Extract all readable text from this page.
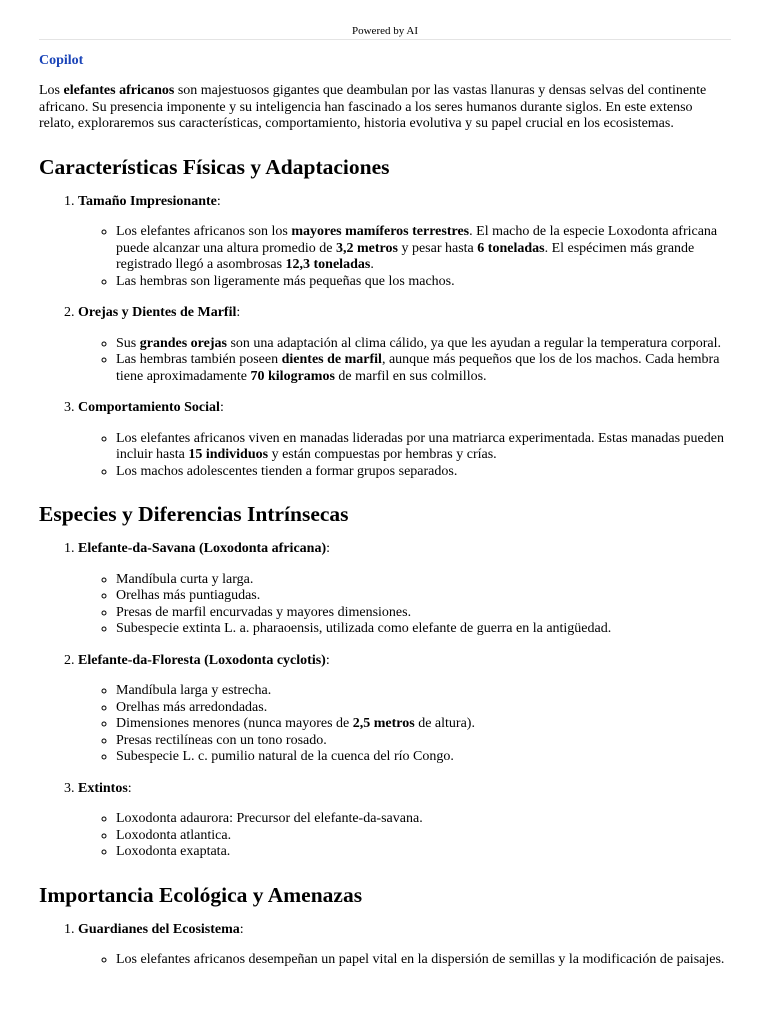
Powered by AI
Copilot

Los elefantes africanos son majestuosos gigantes que deambulan por las vastas llanuras y densas selvas del continente africano. Su presencia imponente y su inteligencia han fascinado a los seres humanos durante siglos. En este extenso relato, exploraremos sus características, comportamiento, historia evolutiva y su papel crucial en los ecosistemas.

Características Físicas y Adaptaciones
1. Tamaño Impresionante:
◦ Los elefantes africanos son los mayores mamíferos terrestres. El macho de la especie Loxodonta africana puede alcanzar una altura promedio de 3,2 metros y pesar hasta 6 toneladas. El espécimen más grande registrado llegó a asombrosas 12,3 toneladas.
◦ Las hembras son ligeramente más pequeñas que los machos.
2. Orejas y Dientes de Marfil:
◦ Sus grandes orejas son una adaptación al clima cálido, ya que les ayudan a regular la temperatura corporal.
◦ Las hembras también poseen dientes de marfil, aunque más pequeños que los de los machos. Cada hembra tiene aproximadamente 70 kilogramos de marfil en sus colmillos.
3. Comportamiento Social:
◦ Los elefantes africanos viven en manadas lideradas por una matriarca experimentada. Estas manadas pueden incluir hasta 15 individuos y están compuestas por hembras y crías.
◦ Los machos adolescentes tienden a formar grupos separados.
Especies y Diferencias Intrínsecas
1. Elefante-da-Savana (Loxodonta africana):
◦ Mandíbula curta y larga.
◦ Orelhas más puntiagudas.
◦ Presas de marfil encurvadas y mayores dimensiones.
◦ Subespecie extinta L. a. pharaoensis, utilizada como elefante de guerra en la antigüedad.
2. Elefante-da-Floresta (Loxodonta cyclotis):
◦ Mandíbula larga y estrecha.
◦ Orelhas más arredondadas.
◦ Dimensiones menores (nunca mayores de 2,5 metros de altura).
◦ Presas rectilíneas con un tono rosado.
◦ Subespecie L. c. pumilio natural de la cuenca del río Congo.
3. Extintos:
◦ Loxodonta adaurora: Precursor del elefante-da-savana.
◦ Loxodonta atlantica.
◦ Loxodonta exaptata.
Importancia Ecológica y Amenazas
1. Guardianes del Ecosistema:
◦ Los elefantes africanos desempeñan un papel vital en la dispersión de semillas y la modificación de paisajes.
